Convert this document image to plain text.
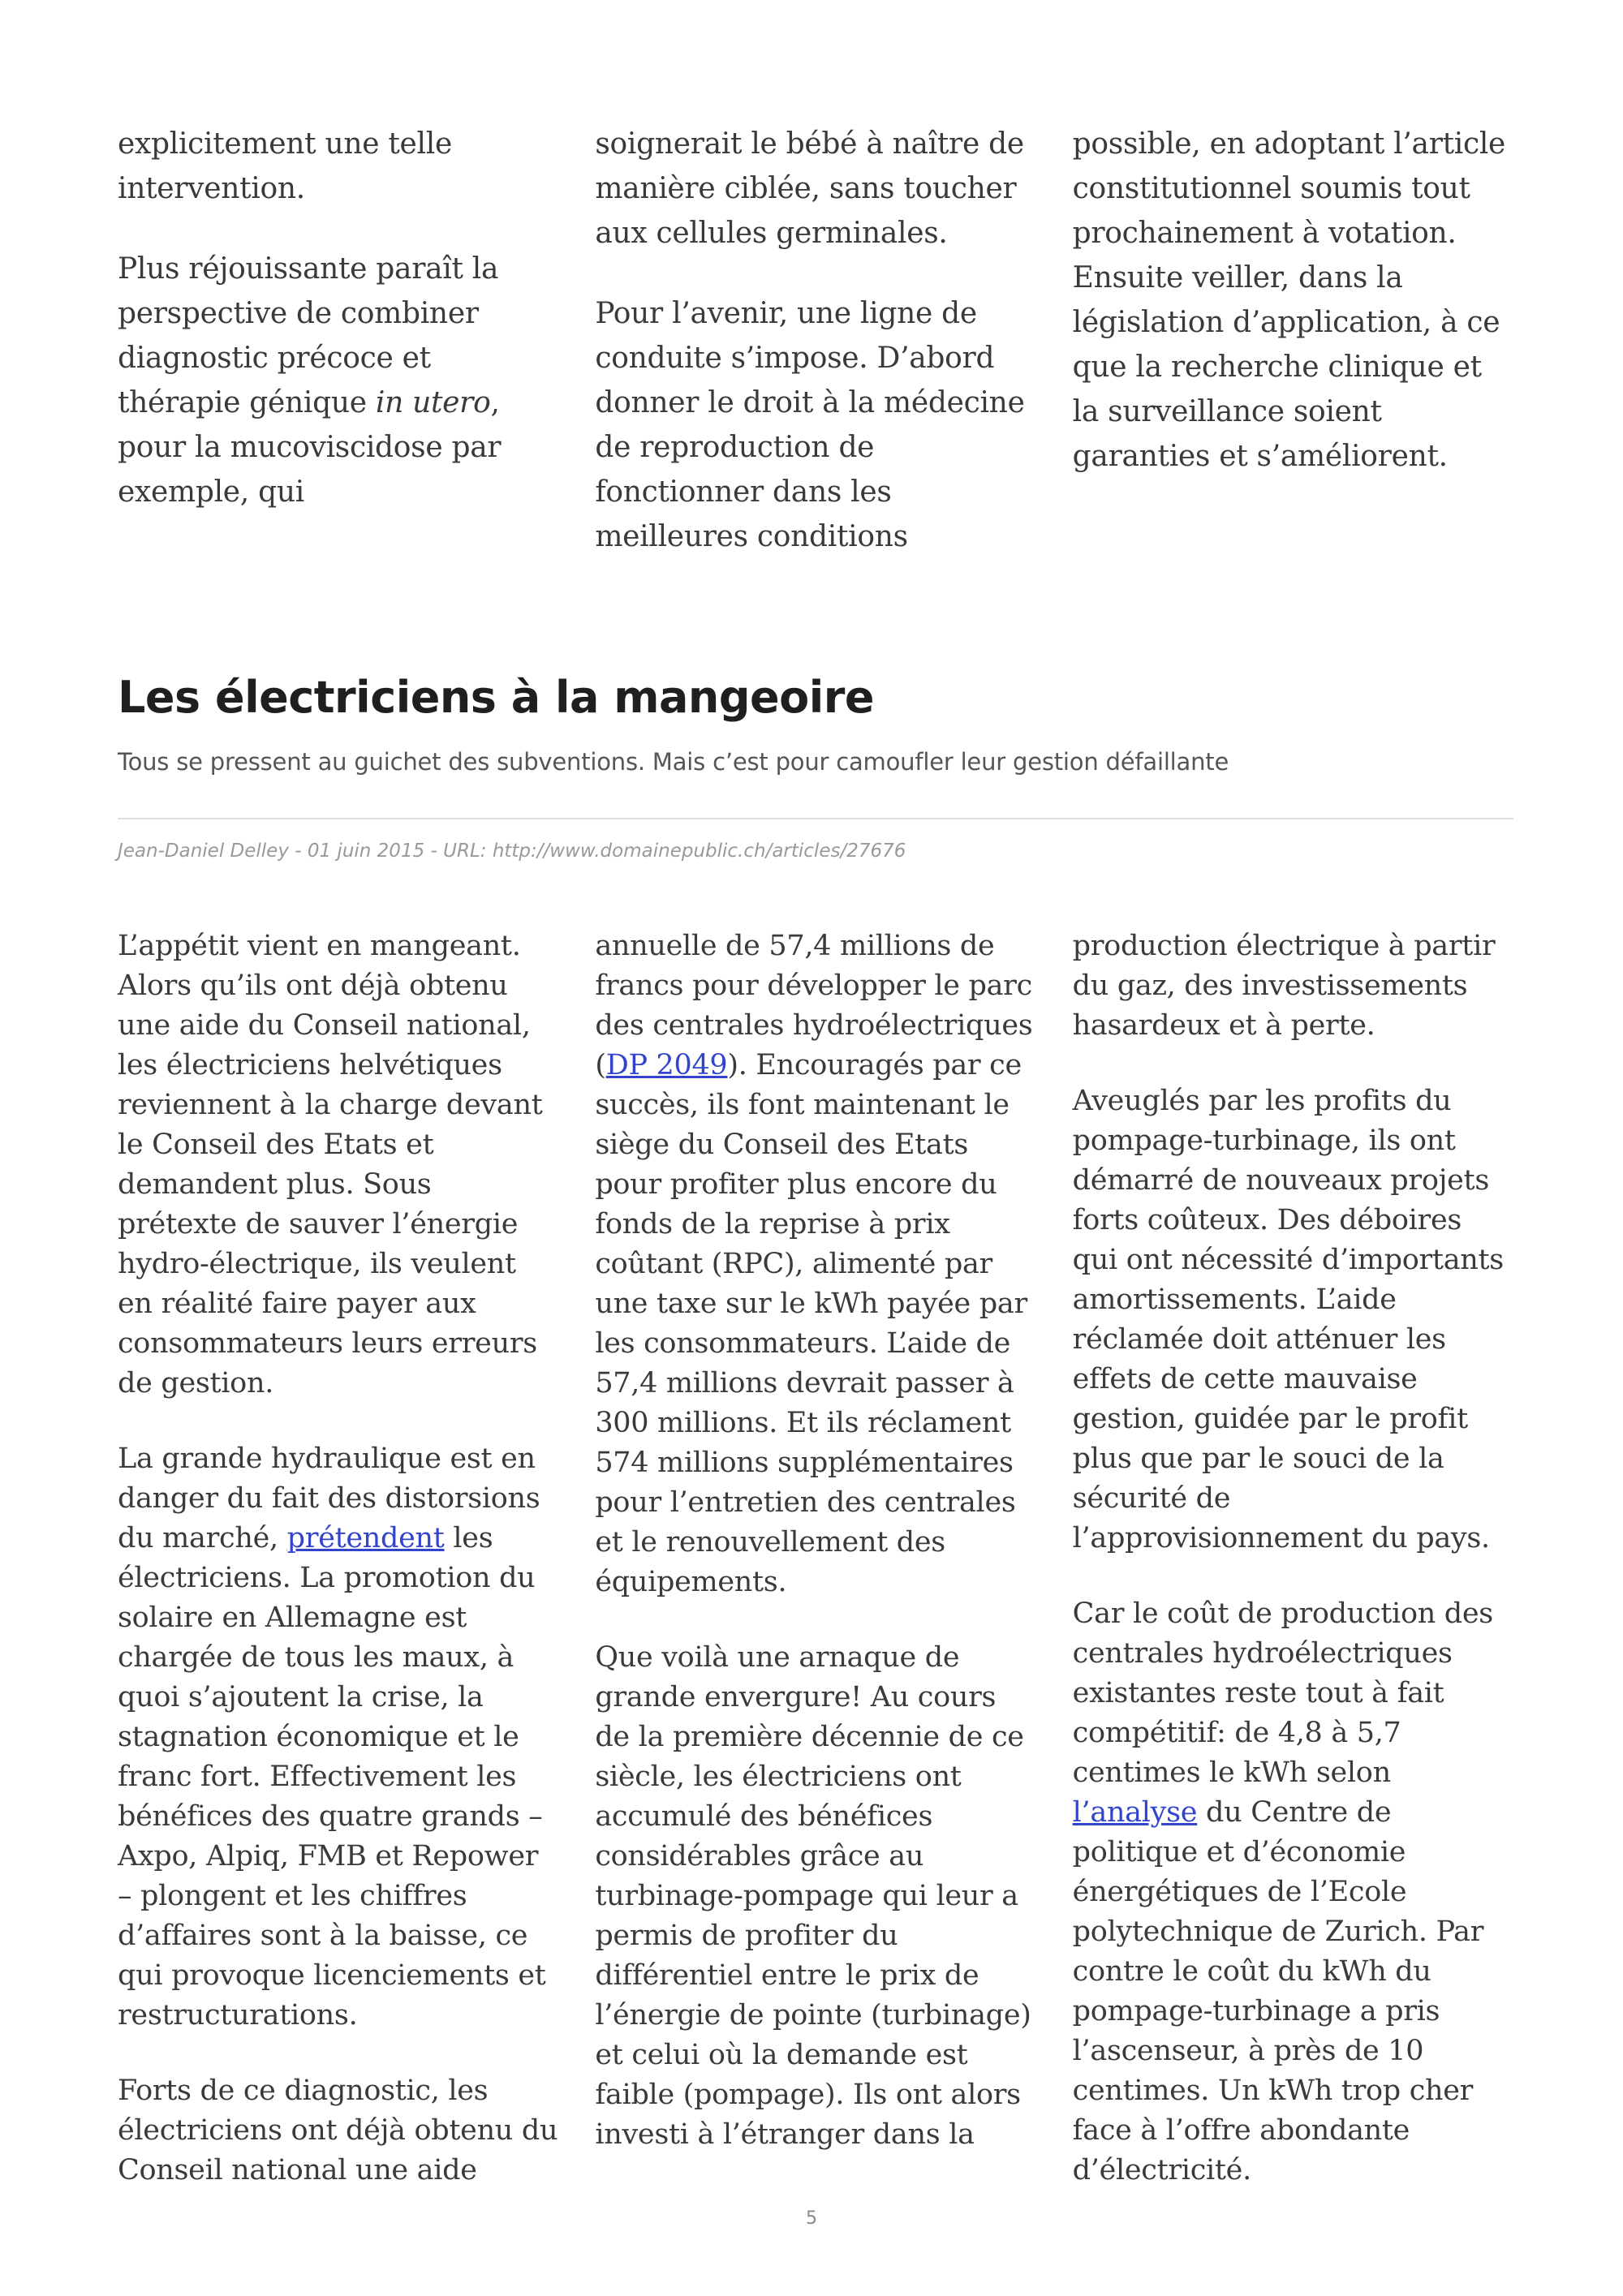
explicitement une telle intervention.

Plus réjouissante paraît la perspective de combiner diagnostic précoce et thérapie génique in utero, pour la mucoviscidose par exemple, qui

soignerait le bébé à naître de manière ciblée, sans toucher aux cellules germinales.

Pour l’avenir, une ligne de conduite s’impose. D’abord donner le droit à la médecine de reproduction de fonctionner dans les meilleures conditions

possible, en adoptant l’article constitutionnel soumis tout prochainement à votation. Ensuite veiller, dans la législation d’application, à ce que la recherche clinique et la surveillance soient garanties et s’améliorent.

Les électriciens à la mangeoire

Tous se pressent au guichet des subventions. Mais c’est pour camoufler leur gestion défaillante

Jean-Daniel Delley - 01 juin 2015 - URL: http://www.domainepublic.ch/articles/27676

L’appétit vient en mangeant. Alors qu’ils ont déjà obtenu une aide du Conseil national, les électriciens helvétiques reviennent à la charge devant le Conseil des Etats et demandent plus. Sous prétexte de sauver l’énergie hydro-électrique, ils veulent en réalité faire payer aux consommateurs leurs erreurs de gestion.

La grande hydraulique est en danger du fait des distorsions du marché, prétendent les électriciens. La promotion du solaire en Allemagne est chargée de tous les maux, à quoi s’ajoutent la crise, la stagnation économique et le franc fort. Effectivement les bénéfices des quatre grands – Axpo, Alpiq, FMB et Repower – plongent et les chiffres d’affaires sont à la baisse, ce qui provoque licenciements et restructurations.

Forts de ce diagnostic, les électriciens ont déjà obtenu du Conseil national une aide

annuelle de 57,4 millions de francs pour développer le parc des centrales hydroélectriques (DP 2049). Encouragés par ce succès, ils font maintenant le siège du Conseil des Etats pour profiter plus encore du fonds de la reprise à prix coûtant (RPC), alimenté par une taxe sur le kWh payée par les consommateurs. L’aide de 57,4 millions devrait passer à 300 millions. Et ils réclament 574 millions supplémentaires pour l’entretien des centrales et le renouvellement des équipements.

Que voilà une arnaque de grande envergure! Au cours de la première décennie de ce siècle, les électriciens ont accumulé des bénéfices considérables grâce au turbinage-pompage qui leur a permis de profiter du différentiel entre le prix de l’énergie de pointe (turbinage) et celui où la demande est faible (pompage). Ils ont alors investi à l’étranger dans la

production électrique à partir du gaz, des investissements hasardeux et à perte.

Aveuglés par les profits du pompage-turbinage, ils ont démarré de nouveaux projets forts coûteux. Des déboires qui ont nécessité d’importants amortissements. L’aide réclamée doit atténuer les effets de cette mauvaise gestion, guidée par le profit plus que par le souci de la sécurité de l’approvisionnement du pays.

Car le coût de production des centrales hydroélectriques existantes reste tout à fait compétitif: de 4,8 à 5,7 centimes le kWh selon l’analyse du Centre de politique et d’économie énergétiques de l’Ecole polytechnique de Zurich. Par contre le coût du kWh du pompage-turbinage a pris l’ascenseur, à près de 10 centimes. Un kWh trop cher face à l’offre abondante d’électricité.

5
